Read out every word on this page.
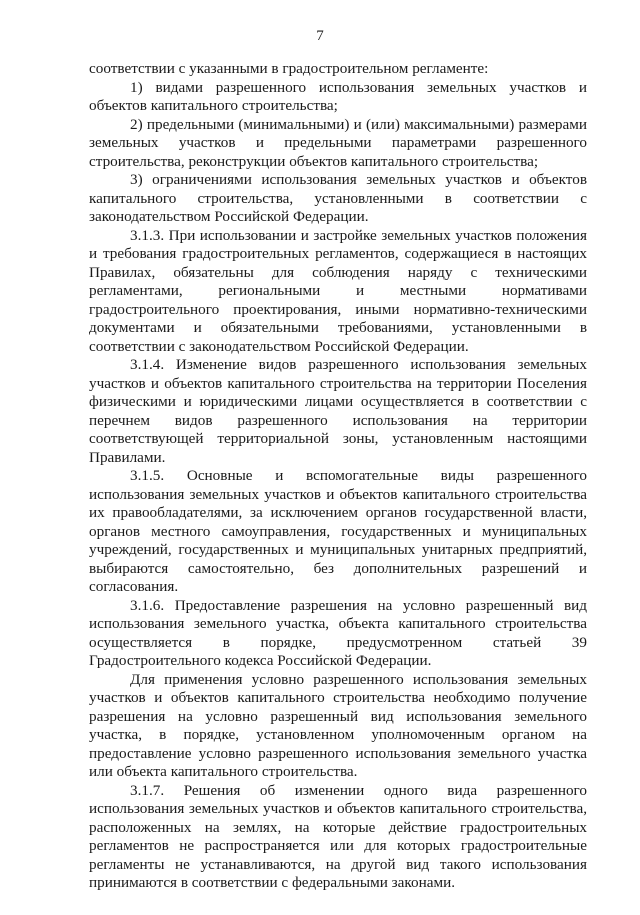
7

соответствии с указанными в градостроительном регламенте:

1) видами разрешенного использования земельных участков и объектов капитального строительства;

2) предельными (минимальными) и (или) максимальными) размерами земельных участков и предельными параметрами разрешенного строительства, реконструкции объектов капитального строительства;

3) ограничениями использования земельных участков и объектов капитального строительства, установленными в соответствии с законодательством Российской Федерации.

3.1.3. При использовании и застройке земельных участков положения и требования градостроительных регламентов, содержащиеся в настоящих Правилах, обязательны для соблюдения наряду с техническими регламентами, региональными и местными нормативами градостроительного проектирования, иными нормативно-техническими документами и обязательными требованиями, установленными в соответствии с законодательством Российской Федерации.

3.1.4. Изменение видов разрешенного использования земельных участков и объектов капитального строительства на территории Поселения физическими и юридическими лицами осуществляется в соответствии с перечнем видов разрешенного использования на территории соответствующей территориальной зоны, установленным настоящими Правилами.

3.1.5. Основные и вспомогательные виды разрешенного использования земельных участков и объектов капитального строительства их правообладателями, за исключением органов государственной власти, органов местного самоуправления, государственных и муниципальных учреждений, государственных и муниципальных унитарных предприятий, выбираются самостоятельно, без дополнительных разрешений и согласования.

3.1.6. Предоставление разрешения на условно разрешенный вид использования земельного участка, объекта капитального строительства осуществляется в порядке, предусмотренном статьей 39 Градостроительного кодекса Российской Федерации.

Для применения условно разрешенного использования земельных участков и объектов капитального строительства необходимо получение разрешения на условно разрешенный вид использования земельного участка, в порядке, установленном уполномоченным органом на предоставление условно разрешенного использования земельного участка или объекта капитального строительства.

3.1.7. Решения об изменении одного вида разрешенного использования земельных участков и объектов капитального строительства, расположенных на землях, на которые действие градостроительных регламентов не распространяется или для которых градостроительные регламенты не устанавливаются, на другой вид такого использования принимаются в соответствии с федеральными законами.
